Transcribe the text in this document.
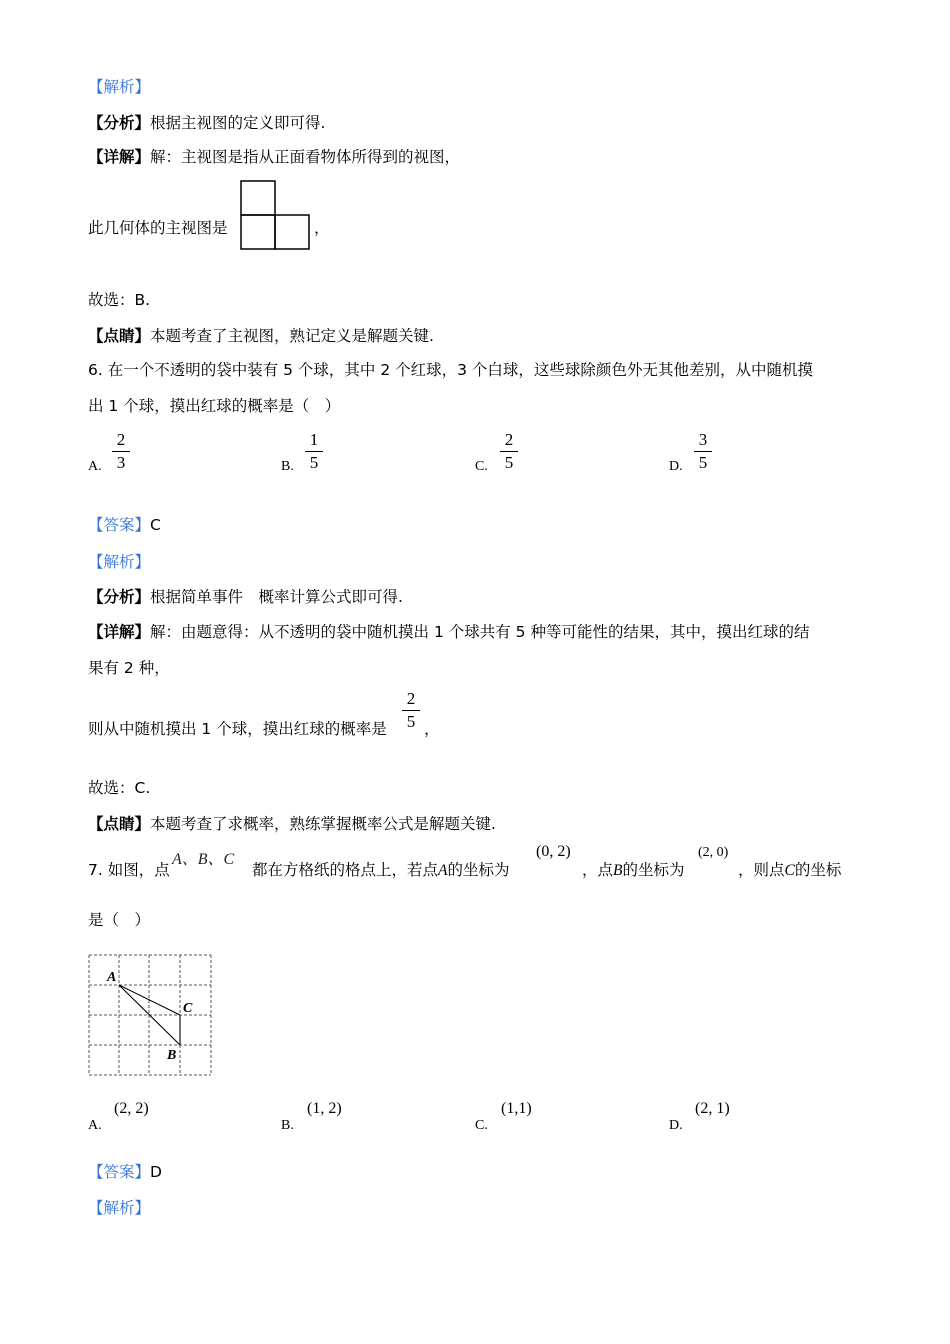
【解析】
【分析】根据主视图的定义即可得.
【详解】解：主视图是指从正面看物体所得到的视图，
此几何体的主视图是	，
故选：B.
【点睛】本题考查了主视图，熟记定义是解题关键.
6. 在一个不透明的袋中装有 5 个球，其中 2 个红球，3 个白球，这些球除颜色外无其他差别，从中随机摸
出 1 个球，摸出红球的概率是（　）
A.
2
3	B.
1
5	C.
2
5	D.
3
5
【答案】C
【解析】
【分析】根据简单事件　概率计算公式即可得.
【详解】解：由题意得：从不透明的袋中随机摸出 1 个球共有 5 种等可能性的结果，其中，摸出红球的结
果有 2 种，
则从中随机摸出 1 个球，摸出红球的概率是
2
5 ，
故选：C.
【点睛】本题考查了求概率，熟练掌握概率公式是解题关键.
7. 如图，点
A、B、C
都在方格纸的格点上，若点A的坐标为
(0, 2)
，点B的坐标为
(2, 0)
，则点C的坐标
是（　）
A
C
B
A.
(2, 2)
B.
(1, 2)
C.
(1,1)
D.
(2, 1)
【答案】D
【解析】
